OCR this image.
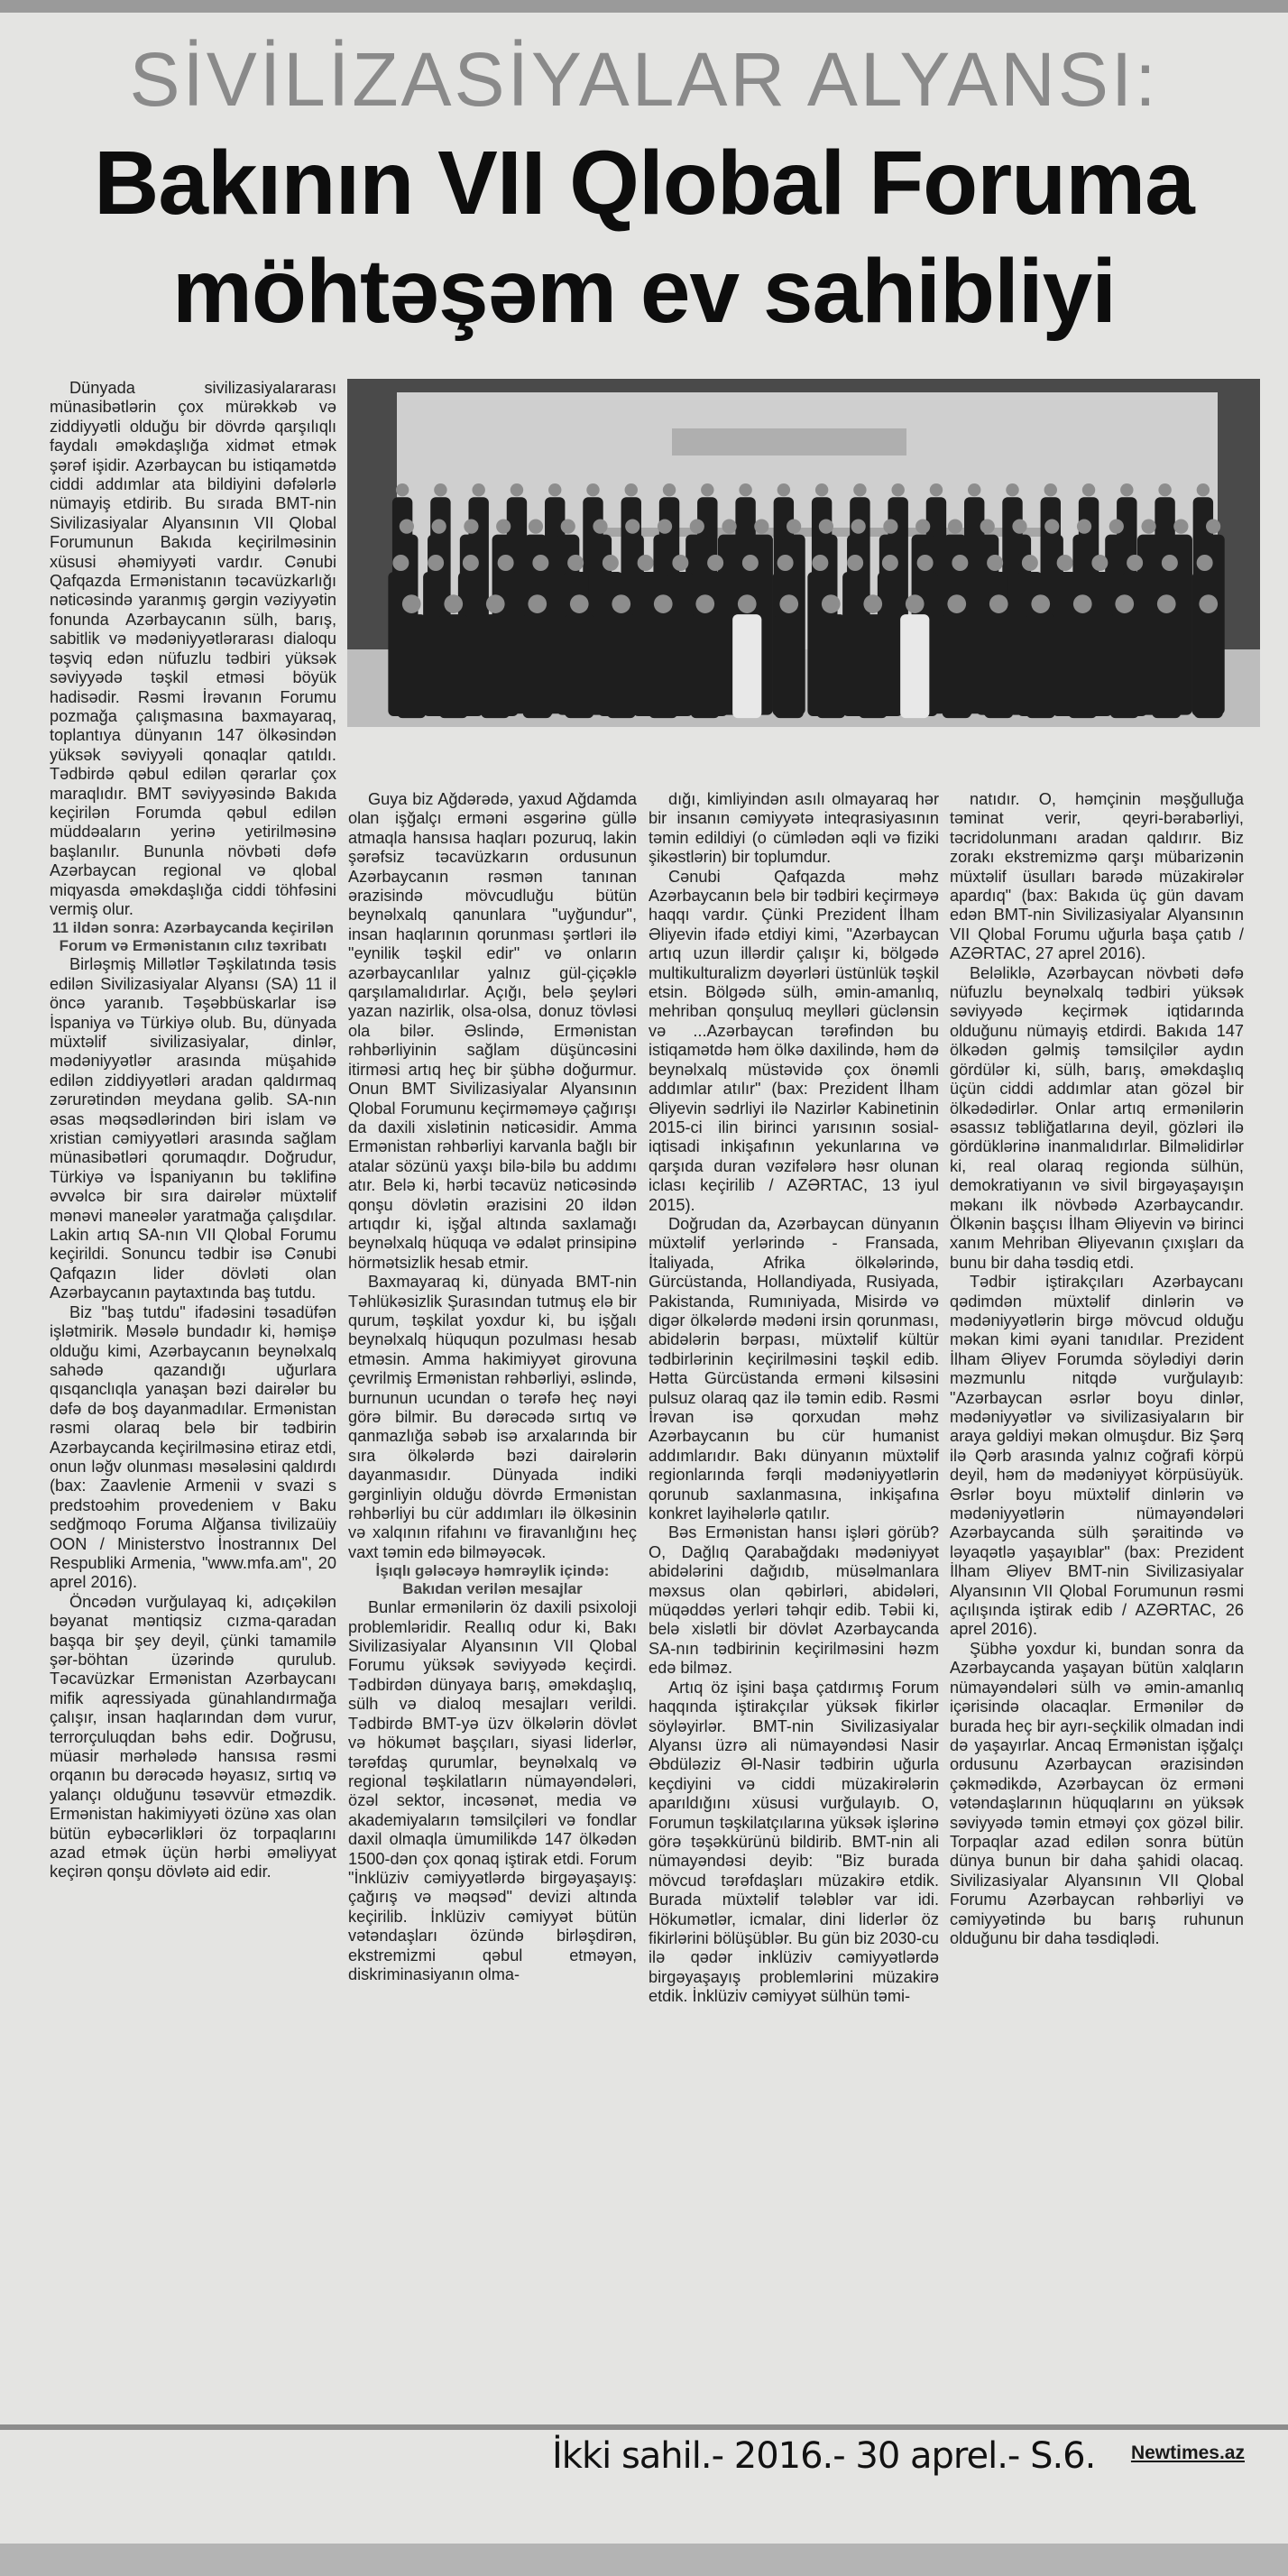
SİVİLİZASİYALAR ALYANSI:
Bakının VII Qlobal Foruma
möhtəşəm ev sahibliyi

Dünyada sivilizasiyalararası münasibətlərin çox mürəkkəb və ziddiyyətli olduğu bir dövrdə qarşılıqlı faydalı əməkdaşlığa xidmət etmək şərəf işidir. Azərbaycan bu istiqamətdə ciddi addımlar ata bildiyini dəfələrlə nümayiş etdirib. Bu sırada BMT-nin Sivilizasiyalar Alyansının VII Qlobal Forumunun Bakıda keçirilməsinin xüsusi əhəmiyyəti vardır. Cənubi Qafqazda Ermənistanın təcavüzkarlığı nəticəsində yaranmış gərgin vəziyyətin fonunda Azərbaycanın sülh, barış, sabitlik və mədəniyyətlərarası dialoqu təşviq edən nüfuzlu tədbiri yüksək səviyyədə təşkil etməsi böyük hadisədir. Rəsmi İrəvanın Forumu pozmağa çalışmasına baxmayaraq, toplantıya dünyanın 147 ölkəsindən yüksək səviyyəli qonaqlar qatıldı. Tədbirdə qəbul edilən qərarlar çox maraqlıdır. BMT səviyyəsində Bakıda keçirilən Forumda qəbul edilən müddəaların yerinə yetirilməsinə başlanılır. Bununla növbəti dəfə Azərbaycan regional və qlobal miqyasda əməkdaşlığa ciddi töhfəsini vermiş olur.

11 ildən sonra: Azərbaycanda keçirilən Forum və Ermənistanın cılız təxribatı

Birləşmiş Millətlər Təşkilatında təsis edilən Sivilizasiyalar Alyansı (SA) 11 il öncə yaranıb. Təşəbbüskarlar isə İspaniya və Türkiyə olub. Bu, dünyada müxtəlif sivilizasiyalar, dinlər, mədəniyyətlər arasında müşahidə edilən ziddiyyətləri aradan qaldırmaq zərurətindən meydana gəlib. SA-nın əsas məqsədlərindən biri islam və xristian cəmiyyətləri arasında sağlam münasibətləri qorumaqdır. Doğrudur, Türkiyə və İspaniyanın bu təklifinə əvvəlcə bir sıra dairələr müxtəlif mənəvi maneələr yaratmağa çalışdılar. Lakin artıq SA-nın VII Qlobal Forumu keçirildi. Sonuncu tədbir isə Cənubi Qafqazın lider dövləti olan Azərbaycanın paytaxtında baş tutdu.

Biz "baş tutdu" ifadəsini təsadüfən işlətmirik. Məsələ bundadır ki, həmişə olduğu kimi, Azərbaycanın beynəlxalq sahədə qazandığı uğurlara qısqanclıqla yanaşan bəzi dairələr bu dəfə də boş dayanmadılar. Ermənistan rəsmi olaraq belə bir tədbirin Azərbaycanda keçirilməsinə etiraz etdi, onun ləğv olunması məsələsini qaldırdı (bax: Zaavlenie Armenii v svazi s predstoəhim provedeniem v Baku sedğmoqo Foruma Alğansa tivilizaüiy OON / Ministerstvo İnostrannıx Del Respubliki Armenia, "www.mfa.am", 20 aprel 2016).

Öncədən vurğulayaq ki, adıçəkilən bəyanat məntiqsiz cızma-qaradan başqa bir şey deyil, çünki tamamilə şər-böhtan üzərində qurulub. Təcavüzkar Ermənistan Azərbaycanı mifik aqressiyada günahlandırmağa çalışır, insan haqlarından dəm vurur, terrorçuluqdan bəhs edir. Doğrusu, müasir mərhələdə hansısa rəsmi orqanın bu dərəcədə həyasız, sırtıq və yalançı olduğunu təsəvvür etməzdik. Ermənistan hakimiyyəti özünə xas olan bütün eybəcərlikləri öz torpaqlarını azad etmək üçün hərbi əməliyyat keçirən qonşu dövlətə aid edir.

Guya biz Ağdərədə, yaxud Ağdamda olan işğalçı erməni əsgərinə güllə atmaqla hansısa haqları pozuruq, lakin şərəfsiz təcavüzkarın ordusunun Azərbaycanın rəsmən tanınan ərazisində mövcudluğu bütün beynəlxalq qanunlara "uyğundur", insan haqlarının qorunması şərtləri ilə "eynilik təşkil edir" və onların azərbaycanlılar yalnız gül-çiçəklə qarşılamalıdırlar. Açığı, belə şeyləri yazan nazirlik, olsa-olsa, donuz tövləsi ola bilər. Əslində, Ermənistan rəhbərliyinin sağlam düşüncəsini itirməsi artıq heç bir şübhə doğurmur. Onun BMT Sivilizasiyalar Alyansının Qlobal Forumunu keçirməməyə çağırışı da daxili xislətinin nəticəsidir. Amma Ermənistan rəhbərliyi karvanla bağlı bir atalar sözünü yaxşı bilə-bilə bu addımı atır. Belə ki, hərbi təcavüz nəticəsində qonşu dövlətin ərazisini 20 ildən artıqdır ki, işğal altında saxlamağı beynəlxalq hüquqa və ədalət prinsipinə hörmətsizlik hesab etmir.

Baxmayaraq ki, dünyada BMT-nin Təhlükəsizlik Şurasından tutmuş elə bir qurum, təşkilat yoxdur ki, bu işğalı beynəlxalq hüququn pozulması hesab etməsin. Amma hakimiyyət girovuna çevrilmiş Ermənistan rəhbərliyi, əslində, burnunun ucundan o tərəfə heç nəyi görə bilmir. Bu dərəcədə sırtıq və qanmazlığa səbəb isə arxalarında bir sıra ölkələrdə bəzi dairələrin dayanmasıdır. Dünyada indiki gərginliyin olduğu dövrdə Ermənistan rəhbərliyi bu cür addımları ilə ölkəsinin və xalqının rifahını və firavanlığını heç vaxt təmin edə bilməyəcək.

İşıqlı gələcəyə həmrəylik içində: Bakıdan verilən mesajlar

Bunlar ermənilərin öz daxili psixoloji problemləridir. Reallıq odur ki, Bakı Sivilizasiyalar Alyansının VII Qlobal Forumu yüksək səviyyədə keçirdi. Tədbirdən dünyaya barış, əməkdaşlıq, sülh və dialoq mesajları verildi. Tədbirdə BMT-yə üzv ölkələrin dövlət və hökumət başçıları, siyasi liderlər, tərəfdaş qurumlar, beynəlxalq və regional təşkilatların nümayəndələri, özəl sektor, incəsənət, media və akademiyaların təmsilçiləri və fondlar daxil olmaqla ümumilikdə 147 ölkədən 1500-dən çox qonaq iştirak etdi. Forum "İnklüziv cəmiyyətlərdə birgəyaşayış: çağırış və məqsəd" devizi altında keçirilib. İnklüziv cəmiyyət bütün vətəndaşları özündə birləşdirən, ekstremizmi qəbul etməyən, diskriminasiyanın olma-

dığı, kimliyindən asılı olmayaraq hər bir insanın cəmiyyətə inteqrasiyasının təmin edildiyi (o cümlədən əqli və fiziki şikəstlərin) bir toplumdur.

Cənubi Qafqazda məhz Azərbaycanın belə bir tədbiri keçirməyə haqqı vardır. Çünki Prezident İlham Əliyevin ifadə etdiyi kimi, "Azərbaycan artıq uzun illərdir çalışır ki, bölgədə multikulturalizm dəyərləri üstünlük təşkil etsin. Bölgədə sülh, əmin-amanlıq, mehriban qonşuluq meylləri güclənsin və ...Azərbaycan tərəfindən bu istiqamətdə həm ölkə daxilində, həm də beynəlxalq müstəvidə çox önəmli addımlar atılır" (bax: Prezident İlham Əliyevin sədrliyi ilə Nazirlər Kabinetinin 2015-ci ilin birinci yarısının sosial-iqtisadi inkişafının yekunlarına və qarşıda duran vəzifələrə həsr olunan iclası keçirilib / AZƏRTAC, 13 iyul 2015).

Doğrudan da, Azərbaycan dünyanın müxtəlif yerlərində - Fransada, İtaliyada, Afrika ölkələrində, Gürcüstanda, Hollandiyada, Rusiyada, Pakistanda, Rumıniyada, Misirdə və digər ölkələrdə mədəni irsin qorunması, abidələrin bərpası, müxtəlif kültür tədbirlərinin keçirilməsini təşkil edib. Hətta Gürcüstanda erməni kilsəsini pulsuz olaraq qaz ilə təmin edib. Rəsmi İrəvan isə qorxudan məhz Azərbaycanın bu cür humanist addımlarıdır. Bakı dünyanın müxtəlif regionlarında fərqli mədəniyyətlərin qorunub saxlanmasına, inkişafına konkret layihələrlə qatılır.

Bəs Ermənistan hansı işləri görüb? O, Dağlıq Qarabağdakı mədəniyyət abidələrini dağıdıb, müsəlmanlara məxsus olan qəbirləri, abidələri, müqəddəs yerləri təhqir edib. Təbii ki, belə xislətli bir dövlət Azərbaycanda SA-nın tədbirinin keçirilməsini həzm edə bilməz.

Artıq öz işini başa çatdırmış Forum haqqında iştirakçılar yüksək fikirlər söyləyirlər. BMT-nin Sivilizasiyalar Alyansı üzrə ali nümayəndəsi Nasir Əbdüləziz Əl-Nasir tədbirin uğurla keçdiyini və ciddi müzakirələrin aparıldığını xüsusi vurğulayıb. O, Forumun təşkilatçılarına yüksək işlərinə görə təşəkkürünü bildirib. BMT-nin ali nümayəndəsi deyib: "Biz burada mövcud tərəfdaşları müzakirə etdik. Burada müxtəlif tələblər var idi. Hökumətlər, icmalar, dini liderlər öz fikirlərini bölüşüblər. Bu gün biz 2030-cu ilə qədər inklüziv cəmiyyətlərdə birgəyaşayış problemlərini müzakirə etdik. İnklüziv cəmiyyət sülhün təmi-

natıdır. O, həmçinin məşğulluğa təminat verir, qeyri-bərabərliyi, təcridolunmanı aradan qaldırır. Biz zorakı ekstremizmə qarşı mübarizənin müxtəlif üsulları barədə müzakirələr apardıq" (bax: Bakıda üç gün davam edən BMT-nin Sivilizasiyalar Alyansının VII Qlobal Forumu uğurla başa çatıb / AZƏRTAC, 27 aprel 2016).

Beləliklə, Azərbaycan növbəti dəfə nüfuzlu beynəlxalq tədbiri yüksək səviyyədə keçirmək iqtidarında olduğunu nümayiş etdirdi. Bakıda 147 ölkədən gəlmiş təmsilçilər aydın gördülər ki, sülh, barış, əməkdaşlıq üçün ciddi addımlar atan gözəl bir ölkədədirlər. Onlar artıq ermənilərin əsassız təbliğatlarına deyil, gözləri ilə gördüklərinə inanmalıdırlar. Bilməlidirlər ki, real olaraq regionda sülhün, demokratiyanın və sivil birgəyaşayışın məkanı ilk növbədə Azərbaycandır. Ölkənin başçısı İlham Əliyevin və birinci xanım Mehriban Əliyevanın çıxışları da bunu bir daha təsdiq etdi.

Tədbir iştirakçıları Azərbaycanı qədimdən müxtəlif dinlərin və mədəniyyətlərin birgə mövcud olduğu məkan kimi əyani tanıdılar. Prezident İlham Əliyev Forumda söylədiyi dərin məzmunlu nitqdə vurğulayıb: "Azərbaycan əsrlər boyu dinlər, mədəniyyətlər və sivilizasiyaların bir araya gəldiyi məkan olmuşdur. Biz Şərq ilə Qərb arasında yalnız coğrafi körpü deyil, həm də mədəniyyət körpüsüyük. Əsrlər boyu müxtəlif dinlərin və mədəniyyətlərin nümayəndələri Azərbaycanda sülh şəraitində və ləyaqətlə yaşayıblar" (bax: Prezident İlham Əliyev BMT-nin Sivilizasiyalar Alyansının VII Qlobal Forumunun rəsmi açılışında iştirak edib / AZƏRTAC, 26 aprel 2016).

Şübhə yoxdur ki, bundan sonra da Azərbaycanda yaşayan bütün xalqların nümayəndələri sülh və əmin-amanlıq içərisində olacaqlar. Ermənilər də burada heç bir ayrı-seçkilik olmadan indi də yaşayırlar. Ancaq Ermənistan işğalçı ordusunu Azərbaycan ərazisindən çəkmədikdə, Azərbaycan öz erməni vətəndaşlarının hüquqlarını ən yüksək səviyyədə təmin etməyi çox gözəl bilir. Torpaqlar azad edilən sonra bütün dünya bunun bir daha şahidi olacaq. Sivilizasiyalar Alyansının VII Qlobal Forumu Azərbaycan rəhbərliyi və cəmiyyətində bu barış ruhunun olduğunu bir daha təsdiqlədi.

Newtimes.az
İkki sahil.- 2016.- 30 aprel.- S.6.
